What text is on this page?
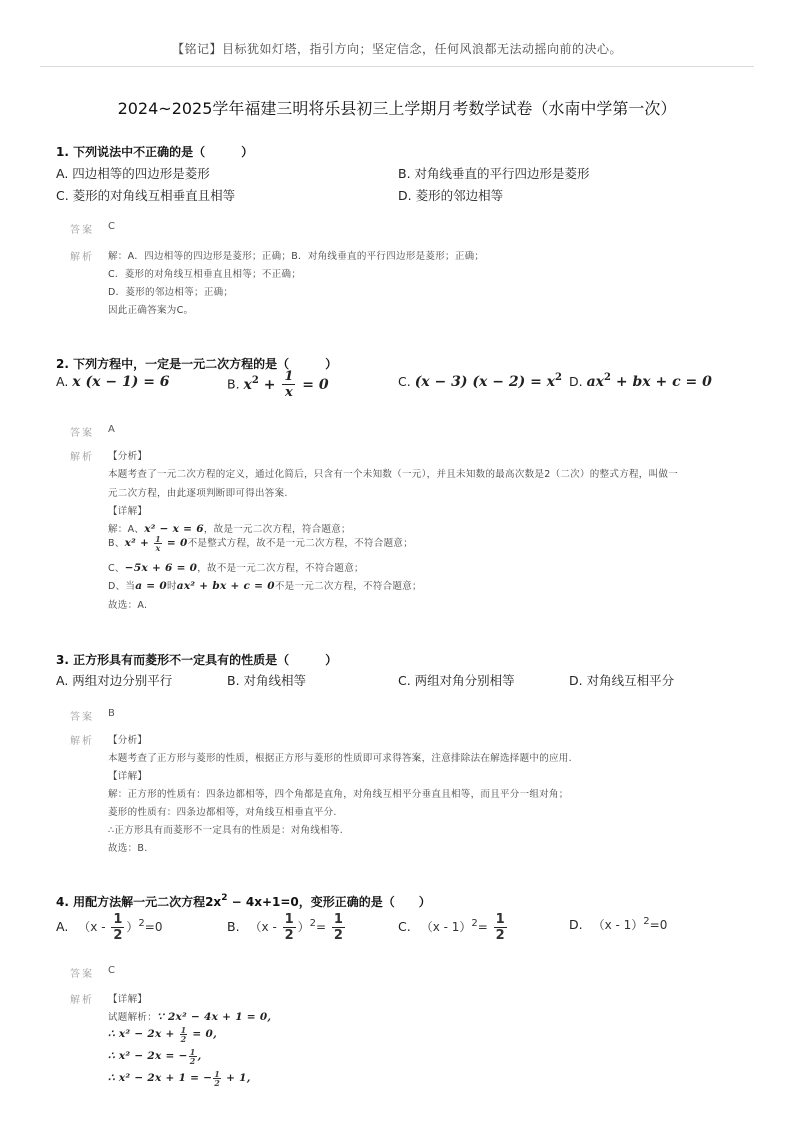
【铭记】目标犹如灯塔，指引方向；坚定信念，任何风浪都无法动摇向前的决心。
2024~2025学年福建三明将乐县初三上学期月考数学试卷（水南中学第一次）
1. 下列说法中不正确的是（　　　）
A. 四边相等的四边形是菱形	B. 对角线垂直的平行四边形是菱形
C. 菱形的对角线互相垂直且相等	D. 菱形的邻边相等
答案 C
解析 解：A．四边相等的四边形是菱形；正确；B．对角线垂直的平行四边形是菱形；正确；
C．菱形的对角线互相垂直且相等；不正确；
D．菱形的邻边相等；正确；
因此正确答案为C。
2. 下列方程中，一定是一元二次方程的是（　　　）
A. x (x − 1) = 6	B. $x^2 + \frac{1}{x} = 0$	C. (x − 3) $(x - 2) = x^2$ D. $ax^2$ + bx + c = 0
答案 A
解析 【分析】
本题考查了一元二次方程的定义，通过化简后，只含有一个未知数（一元），并且未知数的最高次数是2（二次）的整式方程，叫做一
元二次方程，由此逐项判断即可得出答案.
【详解】
解：A、x² − x = 6，故是一元二次方程，符合题意；
B、$x^2 + \frac{1}{x} = 0$不是整式方程，故不是一元二次方程，不符合题意；
C、−5x + 6 = 0，故不是一元二次方程，不符合题意；
D、当a = 0时ax² + bx + c = 0不是一元二次方程，不符合题意；
故选：A.
3. 正方形具有而菱形不一定具有的性质是（　　　）
A. 两组对边分别平行	B. 对角线相等	C. 两组对角分别相等	D. 对角线互相平分
答案 B
解析 【分析】
本题考查了正方形与菱形的性质，根据正方形与菱形的性质即可求得答案，注意排除法在解选择题中的应用.
【详解】
解：正方形的性质有：四条边都相等，四个角都是直角，对角线互相平分垂直且相等，而且平分一组对角；
菱形的性质有：四条边都相等，对角线互相垂直平分.
∴正方形具有而菱形不一定具有的性质是：对角线相等.
故选：B.
4. 用配方法解一元二次方程$2x^2 - 4x+1=0$，变形正确的是（　　）
A. $(x - \frac{1}{2} )^2=0$	B. $(x - \frac{1}{2} )^2= \frac{1}{2}$	C. $(x - 1)^2= \frac{1}{2}$	D. （x - 1）$^2$=0
答案 C
解析 【详解】
试题解析：∵ 2x² − 4x + 1 = 0,
∴ $x^2 - 2x + \frac{1}{2} = 0$,
∴ x² − 2x = − $\frac{1}{2}$ ,
∴ x² − 2x + 1 = − $\frac{1}{2} + 1$,
